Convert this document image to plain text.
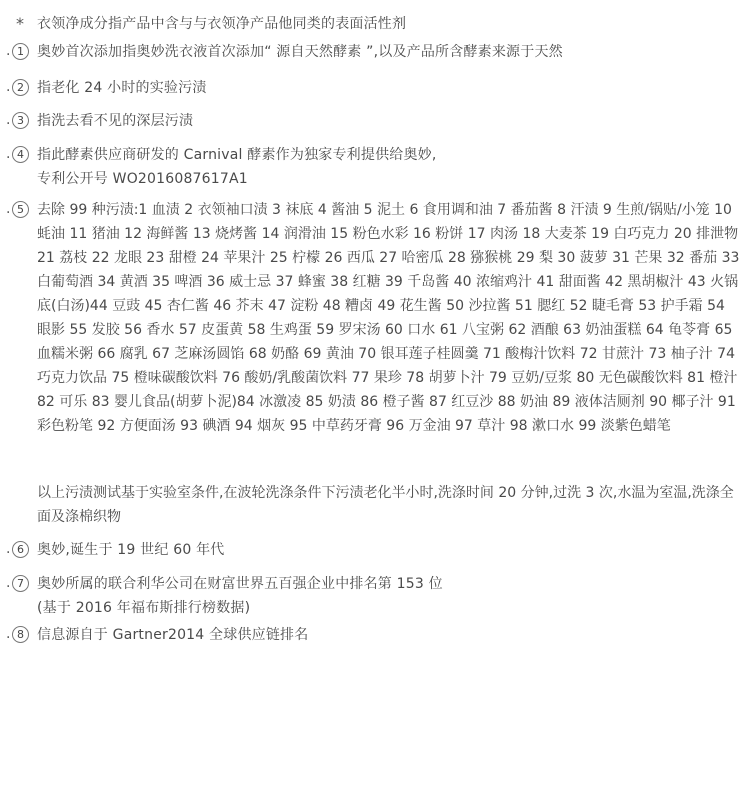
* 衣领净成分指产品中含与与衣领净产品他同类的表面活性剂
· 1 奥妙首次添加指奥妙洗衣液首次添加“ 源自天然酵素 ”,以及产品所含酵素来源于天然
· 2 指老化 24 小时的实验污渍
· 3 指洗去看不见的深层污渍
· 4 指此酵素供应商研发的 Carnival 酵素作为独家专利提供给奥妙,
专利公开号 WO2016087617A1
· 5 去除 99 种污渍:1 血渍 2 衣领袖口渍 3 袜底 4 酱油 5 泥土 6 食用调和油 7 番茄酱 8 汗渍 9 生煎/锅贴/小笼 10 蚝油 11 猪油 12 海鲜酱 13 烧烤酱 14 润滑油 15 粉色水彩 16 粉饼 17 肉汤 18 大麦茶 19 白巧克力 20 排泄物 21 荔枝 22 龙眼 23 甜橙 24 苹果汁 25 柠檬 26 西瓜 27 哈密瓜 28 猕猴桃 29 梨 30 菠萝 31 芒果 32 番茄 33 白葡萄酒 34 黄酒 35 啤酒 36 威士忌 37 蜂蜜 38 红糖 39 千岛酱 40 浓缩鸡汁 41 甜面酱 42 黑胡椒汁 43 火锅底(白汤)44 豆豉 45 杏仁酱 46 芥末 47 淀粉 48 糟卤 49 花生酱 50 沙拉酱 51 腮红 52 睫毛膏 53 护手霜 54 眼影 55 发胶 56 香水 57 皮蛋黄 58 生鸡蛋 59 罗宋汤 60 口水 61 八宝粥 62 酒酿 63 奶油蛋糕 64 龟苓膏 65 血糯米粥 66 腐乳 67 芝麻汤圆馅 68 奶酪 69 黄油 70 银耳莲子桂圆羹 71 酸梅汁饮料 72 甘蔗汁 73 柚子汁 74 巧克力饮品 75 橙味碳酸饮料 76 酸奶/乳酸菌饮料 77 果珍 78 胡萝卜汁 79 豆奶/豆浆 80 无色碳酸饮料 81 橙汁 82 可乐 83 婴儿食品(胡萝卜泥)84 冰激凌 85 奶渍 86 橙子酱 87 红豆沙 88 奶油 89 液体洁厕剂 90 椰子汁 91 彩色粉笔 92 方便面汤 93 碘酒 94 烟灰 95 中草药牙膏 96 万金油 97 草汁 98 漱口水 99 淡紫色蜡笔
以上污渍测试基于实验室条件,在波轮洗涤条件下污渍老化半小时,洗涤时间 20 分钟,过洗 3 次,水温为室温,洗涤全面及涤棉织物
· 6 奥妙,诞生于 19 世纪 60 年代
· 7 奥妙所属的联合利华公司在财富世界五百强企业中排名第 153 位
(基于 2016 年福布斯排行榜数据)
· 8 信息源自于 Gartner2014 全球供应链排名
